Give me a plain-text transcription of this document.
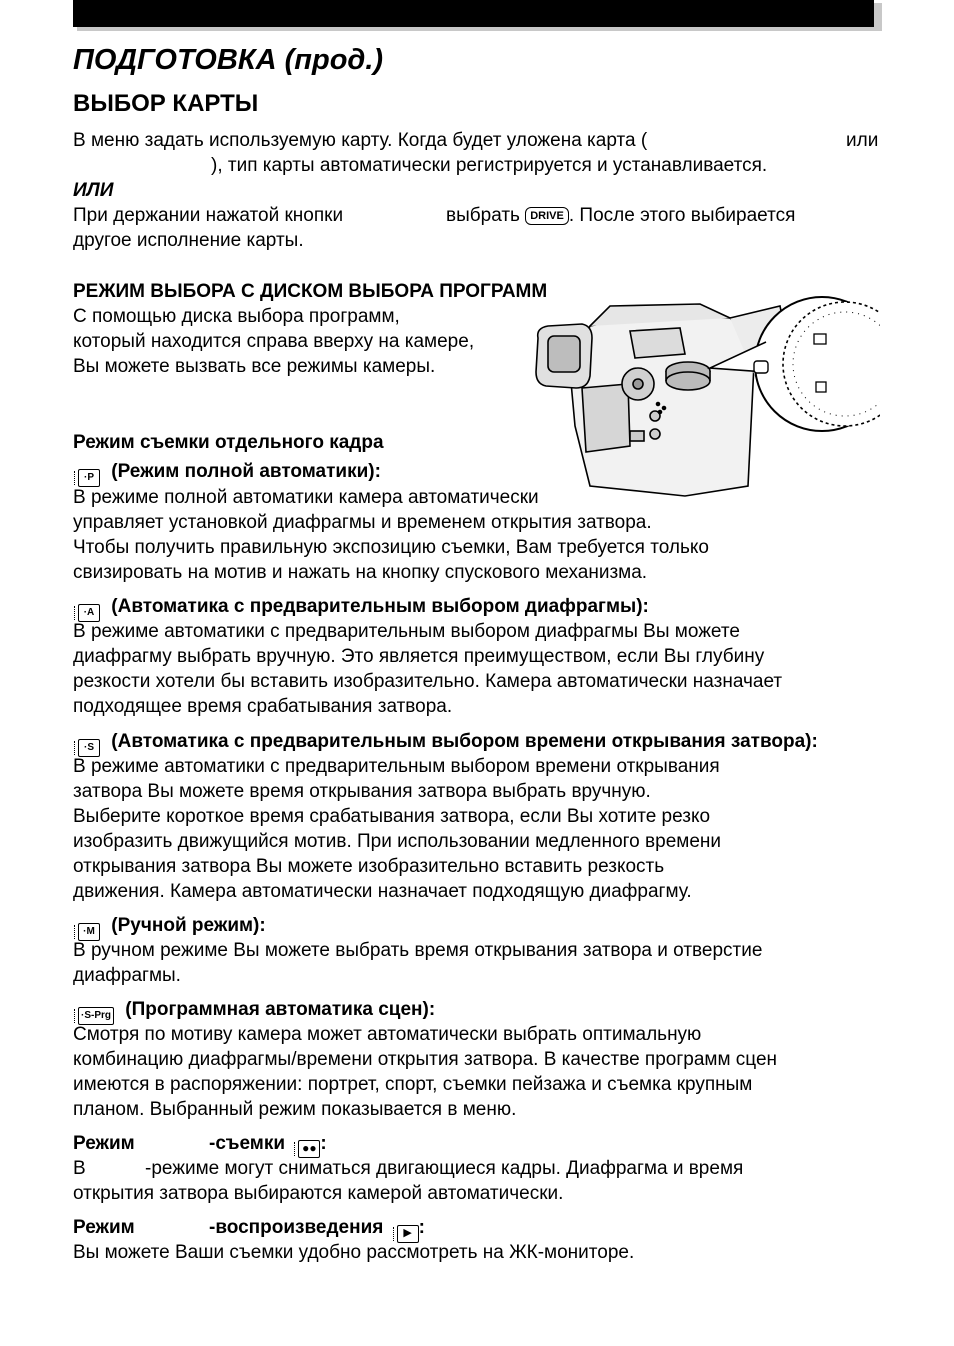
ПОДГОТОВКА (прод.)
ВЫБОР КАРТЫ
В меню задать используемую карту. Когда будет уложена карта (	или
), тип карты автоматически регистрируется и устанавливается.
ИЛИ
При держании нажатой кнопки	выбрать DRIVE . После этого выбирается
другое исполнение карты.
РЕЖИМ ВЫБОРА С ДИСКОМ ВЫБОРА ПРОГРАММ
С помощью диска выбора программ,
который находится справа вверху на камере,
Вы можете вызвать все режимы камеры.
Режим съемки отдельного кадра
·P (Режим полной автоматики):
В режиме полной автоматики камера автоматически
управляет установкой диафрагмы и временем открытия затвора.
Чтобы получить правильную экспозицию съемки, Вам требуется только
свизировать на мотив и нажать на кнопку спускового механизма.
·A (Автоматика с предварительным выбором диафрагмы):
В режиме автоматики с предварительным выбором диафрагмы Вы можете
диафрагму выбрать вручную. Это является преимуществом, если Вы глубину
резкости хотели бы вставить изобразительно. Камера автоматически назначает
подходящее время срабатывания затвора.
·S (Автоматика с предварительным выбором времени открывания затвора):
В режиме автоматики с предварительным выбором времени открывания
затвора Вы можете время открывания затвора выбрать вручную.
Выберите короткое время срабатывания затвора, если Вы хотите резко
изобразить движущийся мотив. При использовании медленного времени
открывания затвора Вы можете изобразительно вставить резкость
движения. Камера автоматически назначает подходящую диафрагму.
·M (Ручной режим):
В ручном режиме Вы можете выбрать время открывания затвора и отверстие
диафрагмы.
·S-Prg (Программная автоматика сцен):
Смотря по мотиву камера может автоматически выбрать оптимальную
комбинацию диафрагмы/времени открытия затвора. В качестве программ сцен
имеются в распоряжении: портрет, спорт, съемки пейзажа и съемка крупным
планом. Выбранный режим показывается в меню.
Режим	-съемки ●● :
В	-режиме могут сниматься двигающиеся кадры. Диафрагма и время
открытия затвора выбираются камерой автоматически.
Режим	-воспроизведения ▶ :
Вы можете Ваши съемки удобно рассмотреть на ЖК-мониторе.
